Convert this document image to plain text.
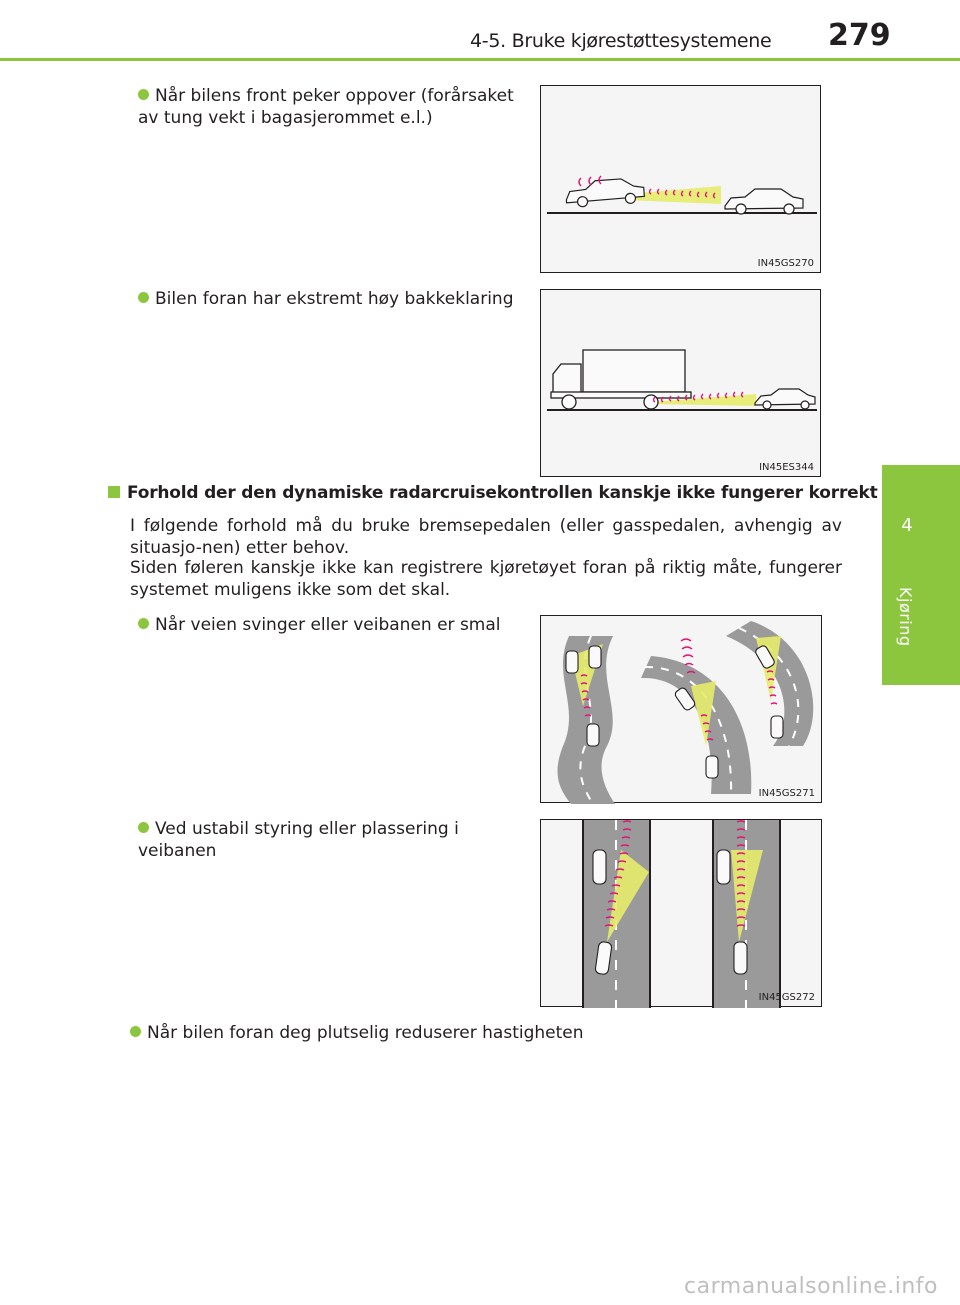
4-5. Bruke kjørestøttesystemene 279
4
Kjøring
Når bilens front peker oppover (forårsaket av tung vekt i bagasjerommet e.l.)
IN45GS270
Bilen foran har ekstremt høy bakkeklaring
IN45ES344
Forhold der den dynamiske radarcruisekontrollen kanskje ikke fungerer korrekt
I følgende forhold må du bruke bremsepedalen (eller gasspedalen, avhengig av situasjo-nen) etter behov.
Siden føleren kanskje ikke kan registrere kjøretøyet foran på riktig måte, fungerer systemet muligens ikke som det skal.
Når veien svinger eller veibanen er smal
IN45GS271
Ved ustabil styring eller plassering i veibanen
IN45GS272
Når bilen foran deg plutselig reduserer hastigheten
carmanualsonline.info
